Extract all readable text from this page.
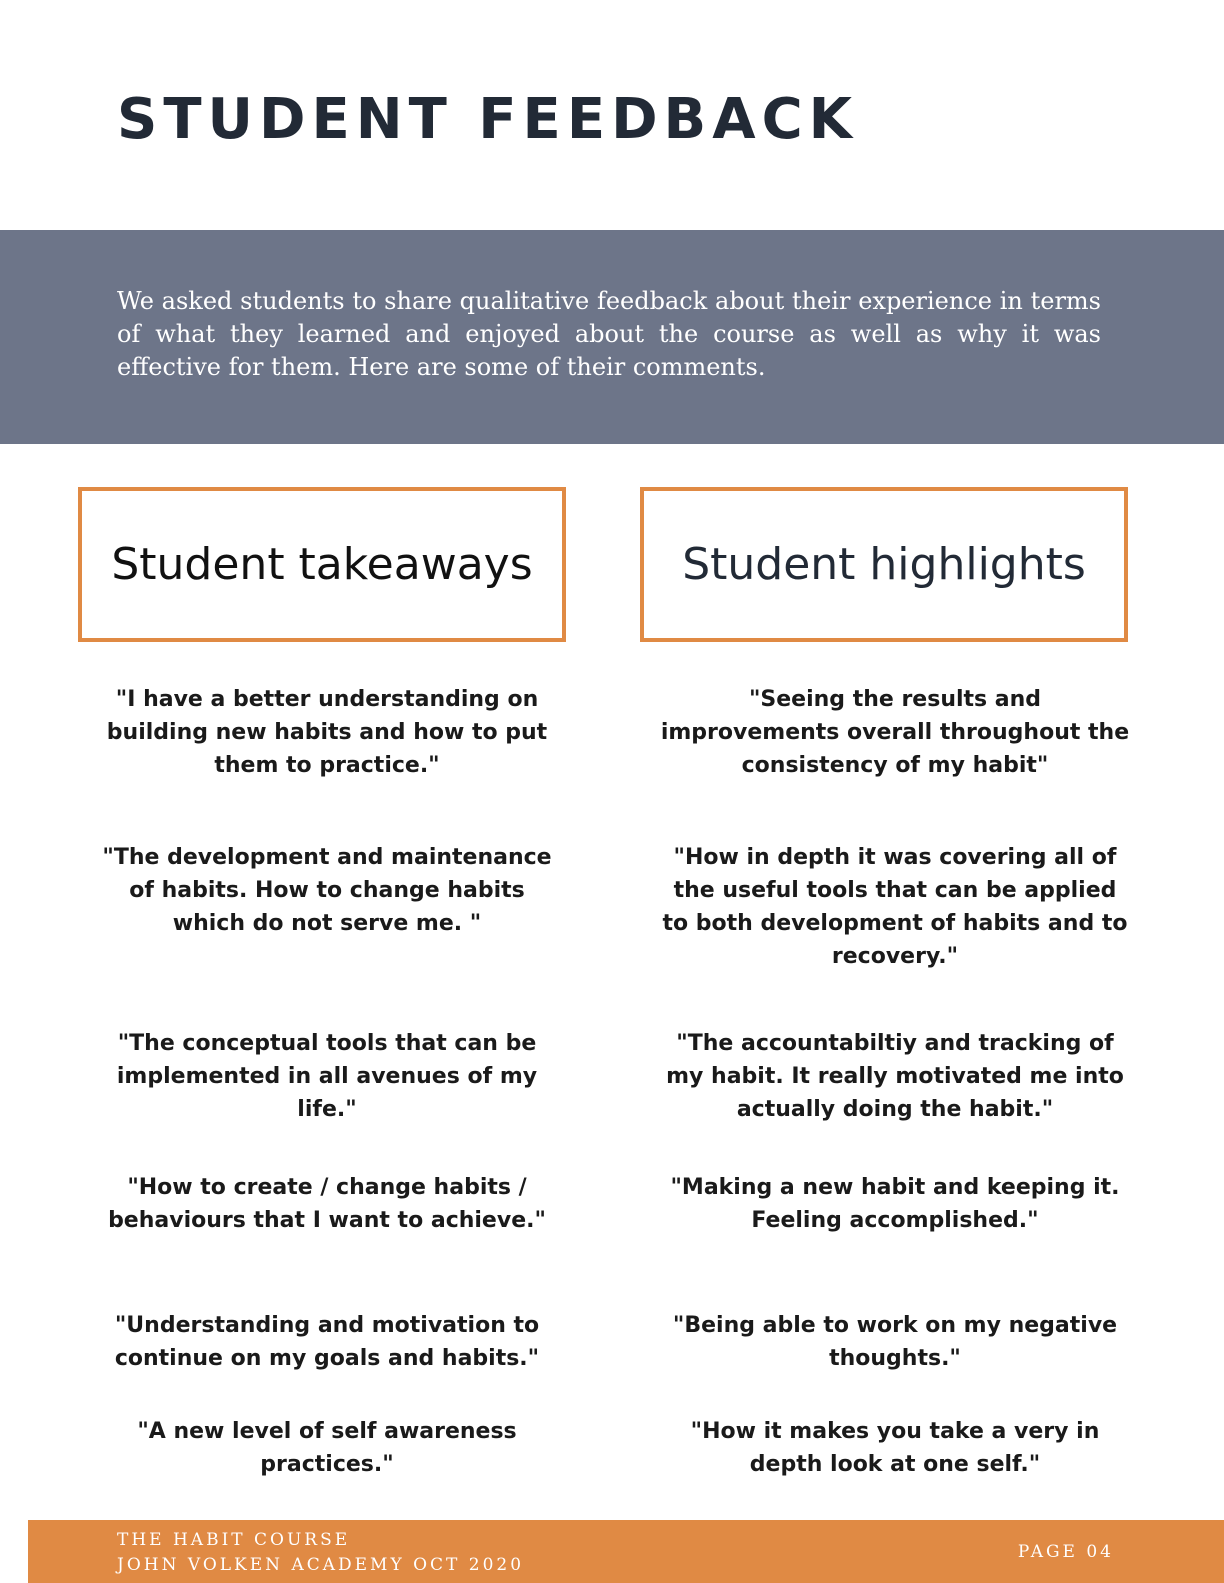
STUDENT FEEDBACK

We asked students to share qualitative feedback about their experience in terms of what they learned and enjoyed about the course as well as why it was effective for them. Here are some of their comments.

Student takeaways	Student highlights

"I have a better understanding on building new habits and how to put them to practice."

"The development and maintenance of habits. How to change habits which do not serve me. "

"The conceptual tools that can be implemented in all avenues of my life."

"How to create / change habits / behaviours that I want to achieve."

"Understanding and motivation to continue on my goals and habits."

"A new level of self awareness practices."

"Seeing the results and improvements overall throughout the consistency of my habit"

"How in depth it was covering all of the useful tools that can be applied to both development of habits and to recovery."

"The accountabiltiy and tracking of my habit. It really motivated me into actually doing the habit."

"Making a new habit and keeping it. Feeling accomplished."

"Being able to work on my negative thoughts."

"How it makes you take a very in depth look at one self."

THE HABIT COURSE

JOHN VOLKEN ACADEMY OCT 2020

PAGE 04
